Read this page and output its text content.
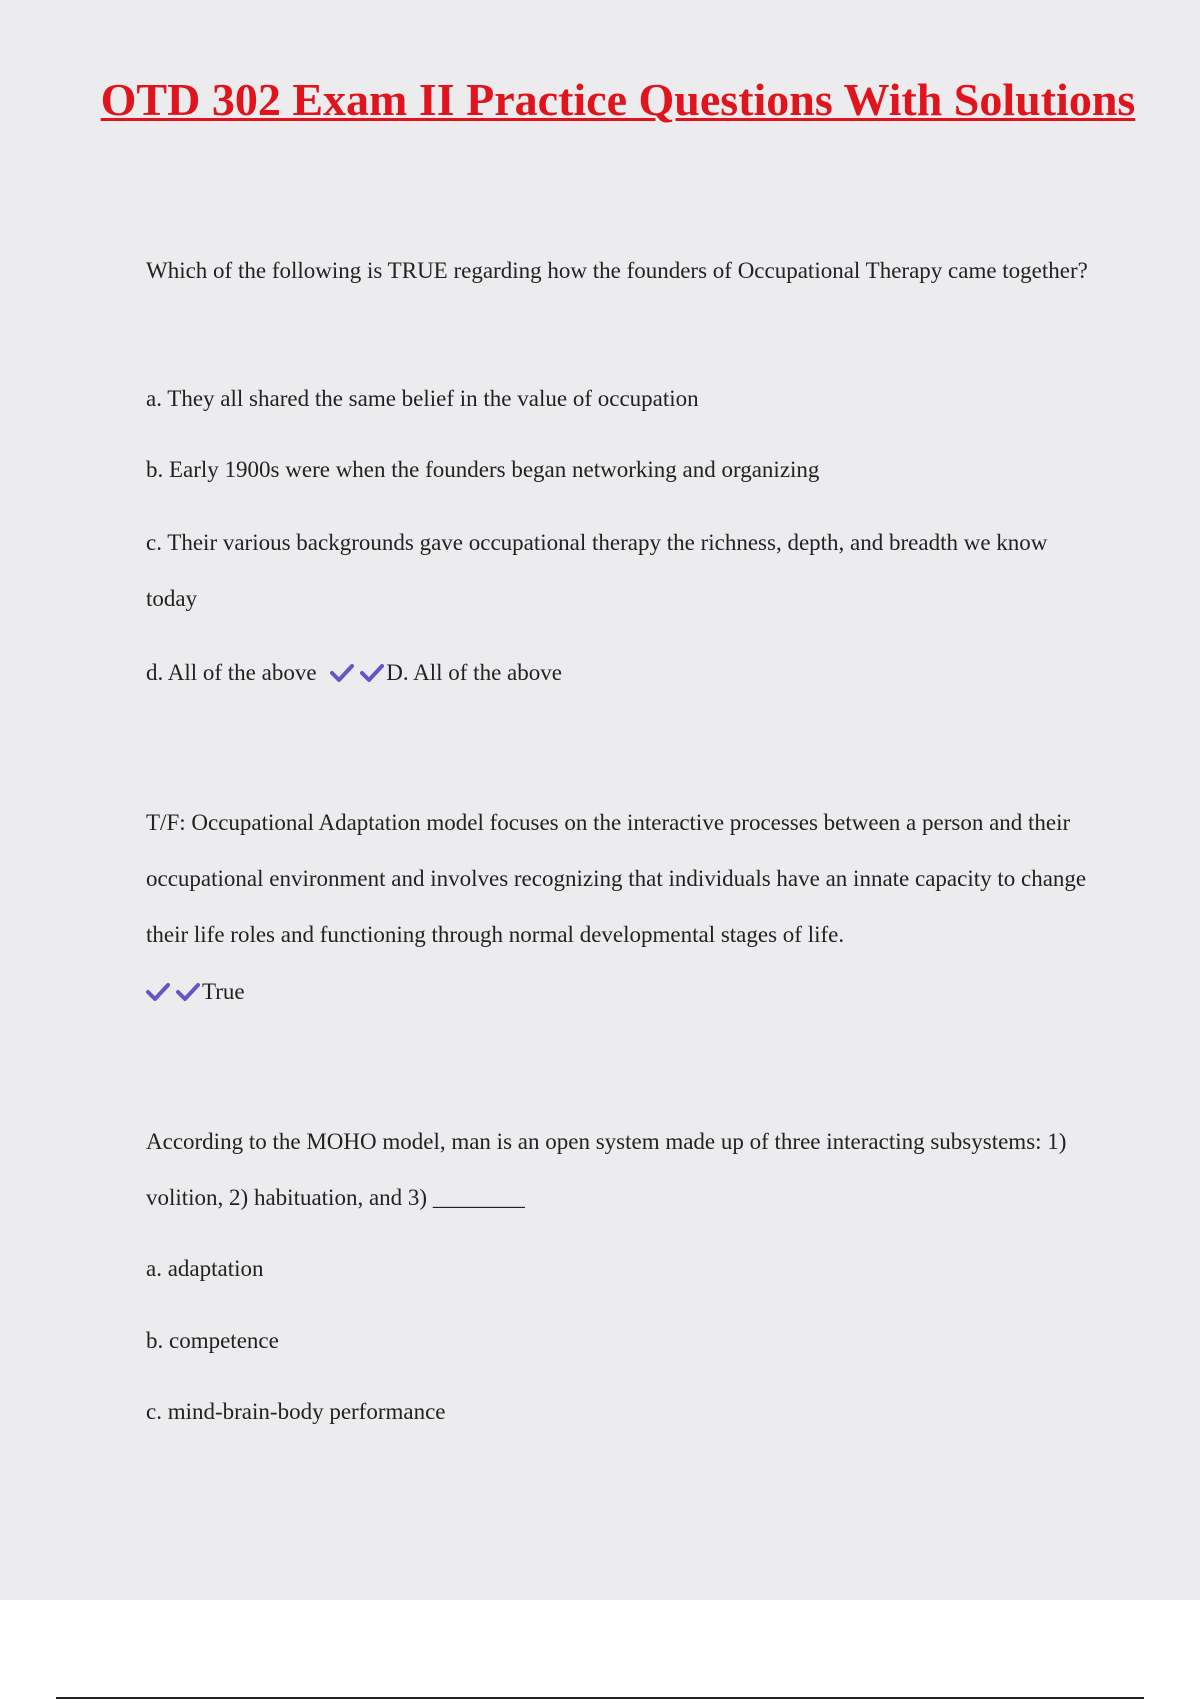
OTD 302 Exam II Practice Questions With Solutions

Which of the following is TRUE regarding how the founders of Occupational Therapy came together?

a. They all shared the same belief in the value of occupation

b. Early 1900s were when the founders began networking and organizing

c. Their various backgrounds gave occupational therapy the richness, depth, and breadth we know today

d. All of the above	D. All of the above

T/F: Occupational Adaptation model focuses on the interactive processes between a person and their occupational environment and involves recognizing that individuals have an innate capacity to change their life roles and functioning through normal developmental stages of life.

True

According to the MOHO model, man is an open system made up of three interacting subsystems: 1) volition, 2) habituation, and 3) ________

a. adaptation

b. competence

c. mind-brain-body performance
